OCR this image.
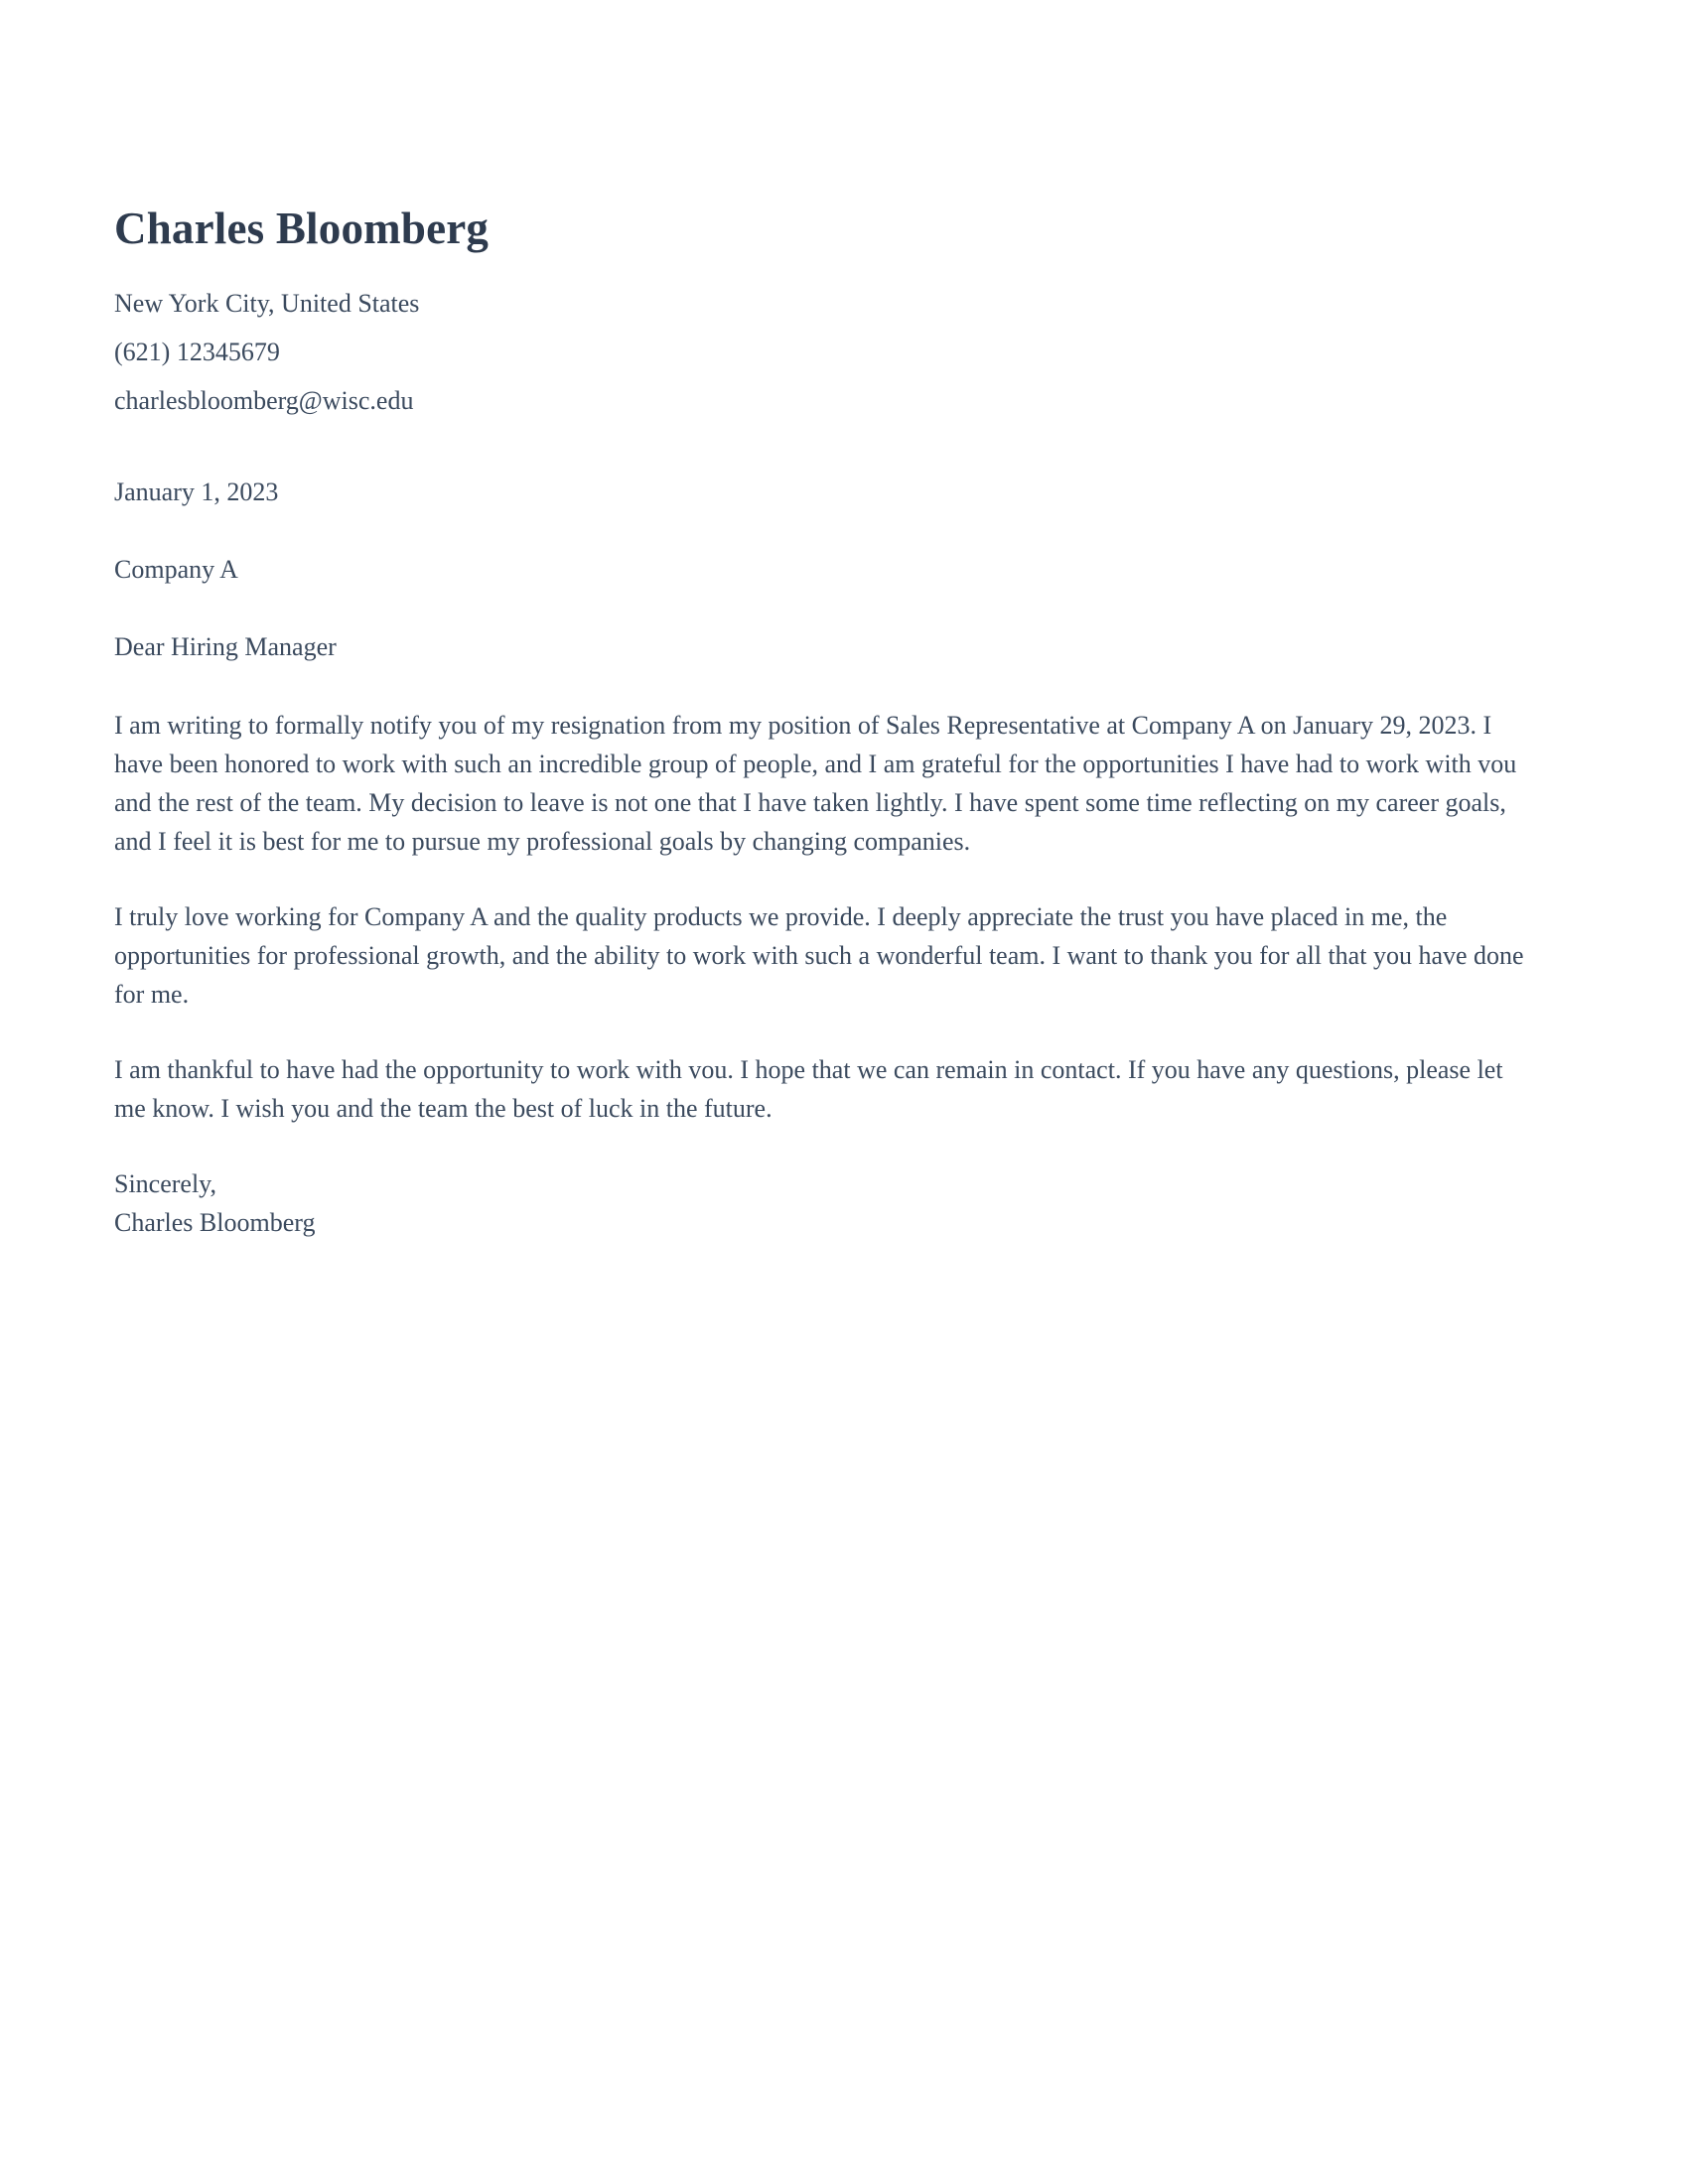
Charles Bloomberg

New York City, United States

(621) 12345679

charlesbloomberg@wisc.edu

January 1, 2023

Company A

Dear Hiring Manager

I am writing to formally notify you of my resignation from my position of Sales Representative at Company A on January 29, 2023. I have been honored to work with such an incredible group of people, and I am grateful for the opportunities I have had to work with vou and the rest of the team. My decision to leave is not one that I have taken lightly. I have spent some time reflecting on my career goals, and I feel it is best for me to pursue my professional goals by changing companies.

I truly love working for Company A and the quality products we provide. I deeply appreciate the trust you have placed in me, the opportunities for professional growth, and the ability to work with such a wonderful team. I want to thank you for all that you have done for me.

I am thankful to have had the opportunity to work with vou. I hope that we can remain in contact. If you have any questions, please let me know. I wish you and the team the best of luck in the future.

Sincerely,

Charles Bloomberg
